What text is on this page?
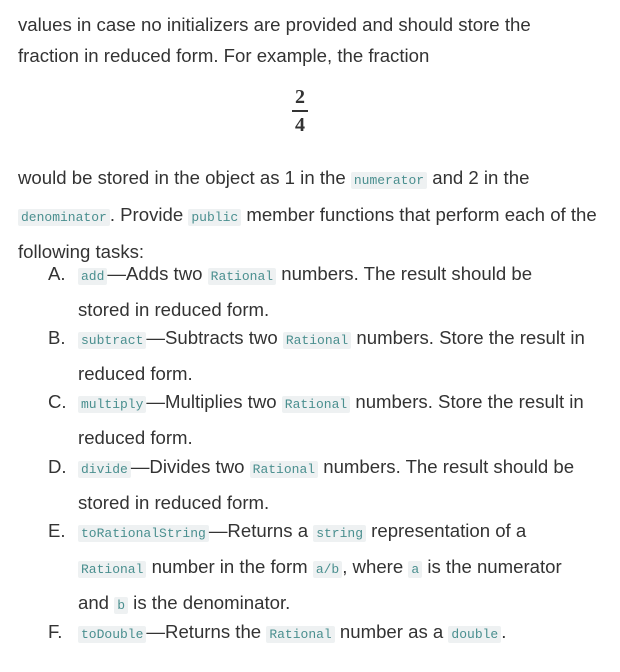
values in case no initializers are provided and should store the
fraction in reduced form. For example, the fraction
2
4
would be stored in the object as 1 in the numerator and 2 in the denominator . Provide public member functions that perform each of the following tasks:
A. add —Adds two Rational numbers. The result should be stored in reduced form.
B. subtract —Subtracts two Rational numbers. Store the result in reduced form.
C. multiply —Multiplies two Rational numbers. Store the result in reduced form.
D. divide —Divides two Rational numbers. The result should be stored in reduced form.
E. toRationalString —Returns a string representation of a Rational number in the form a/b , where a is the numerator and b is the denominator.
F. toDouble —Returns the Rational number as a double .
